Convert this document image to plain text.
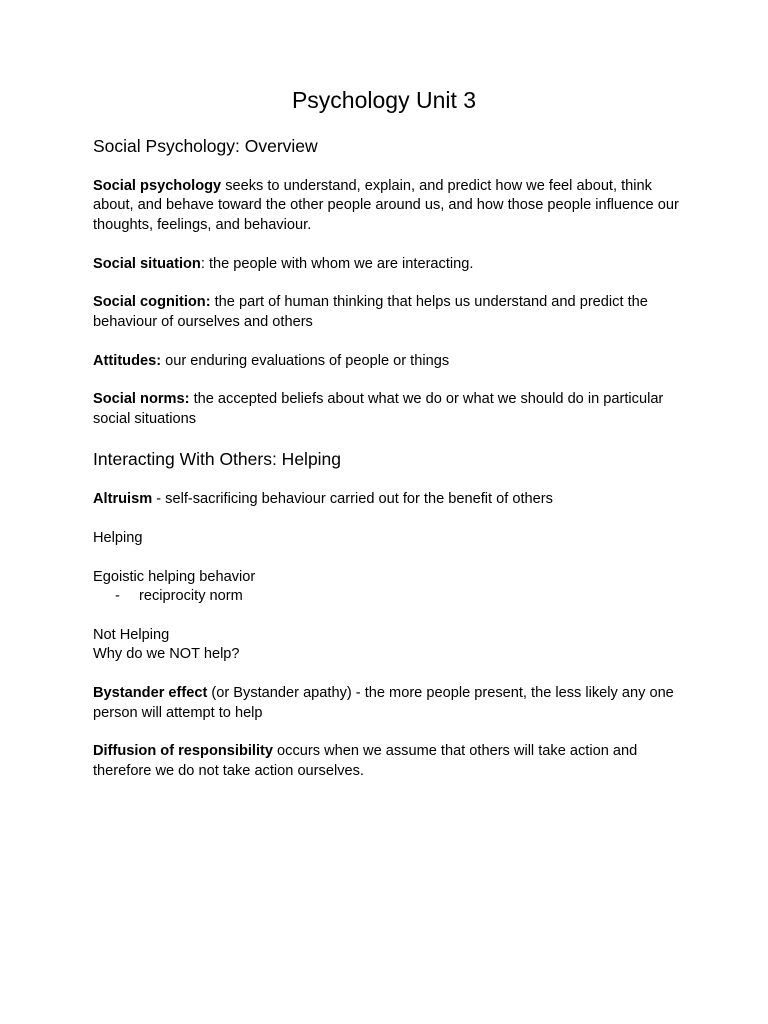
Psychology Unit 3
Social Psychology: Overview

Social psychology seeks to understand, explain, and predict how we feel about, think about, and behave toward the other people around us, and how those people influence our thoughts, feelings, and behaviour.

Social situation: the people with whom we are interacting.

Social cognition: the part of human thinking that helps us understand and predict the behaviour of ourselves and others

Attitudes: our enduring evaluations of people or things

Social norms: the accepted beliefs about what we do or what we should do in particular social situations

Interacting With Others: Helping

Altruism - self-sacrificing behaviour carried out for the benefit of others

Helping

Egoistic helping behavior

-	reciprocity norm

Not Helping

Why do we NOT help?

Bystander effect (or Bystander apathy) - the more people present, the less likely any one person will attempt to help

Diffusion of responsibility occurs when we assume that others will take action and therefore we do not take action ourselves.
